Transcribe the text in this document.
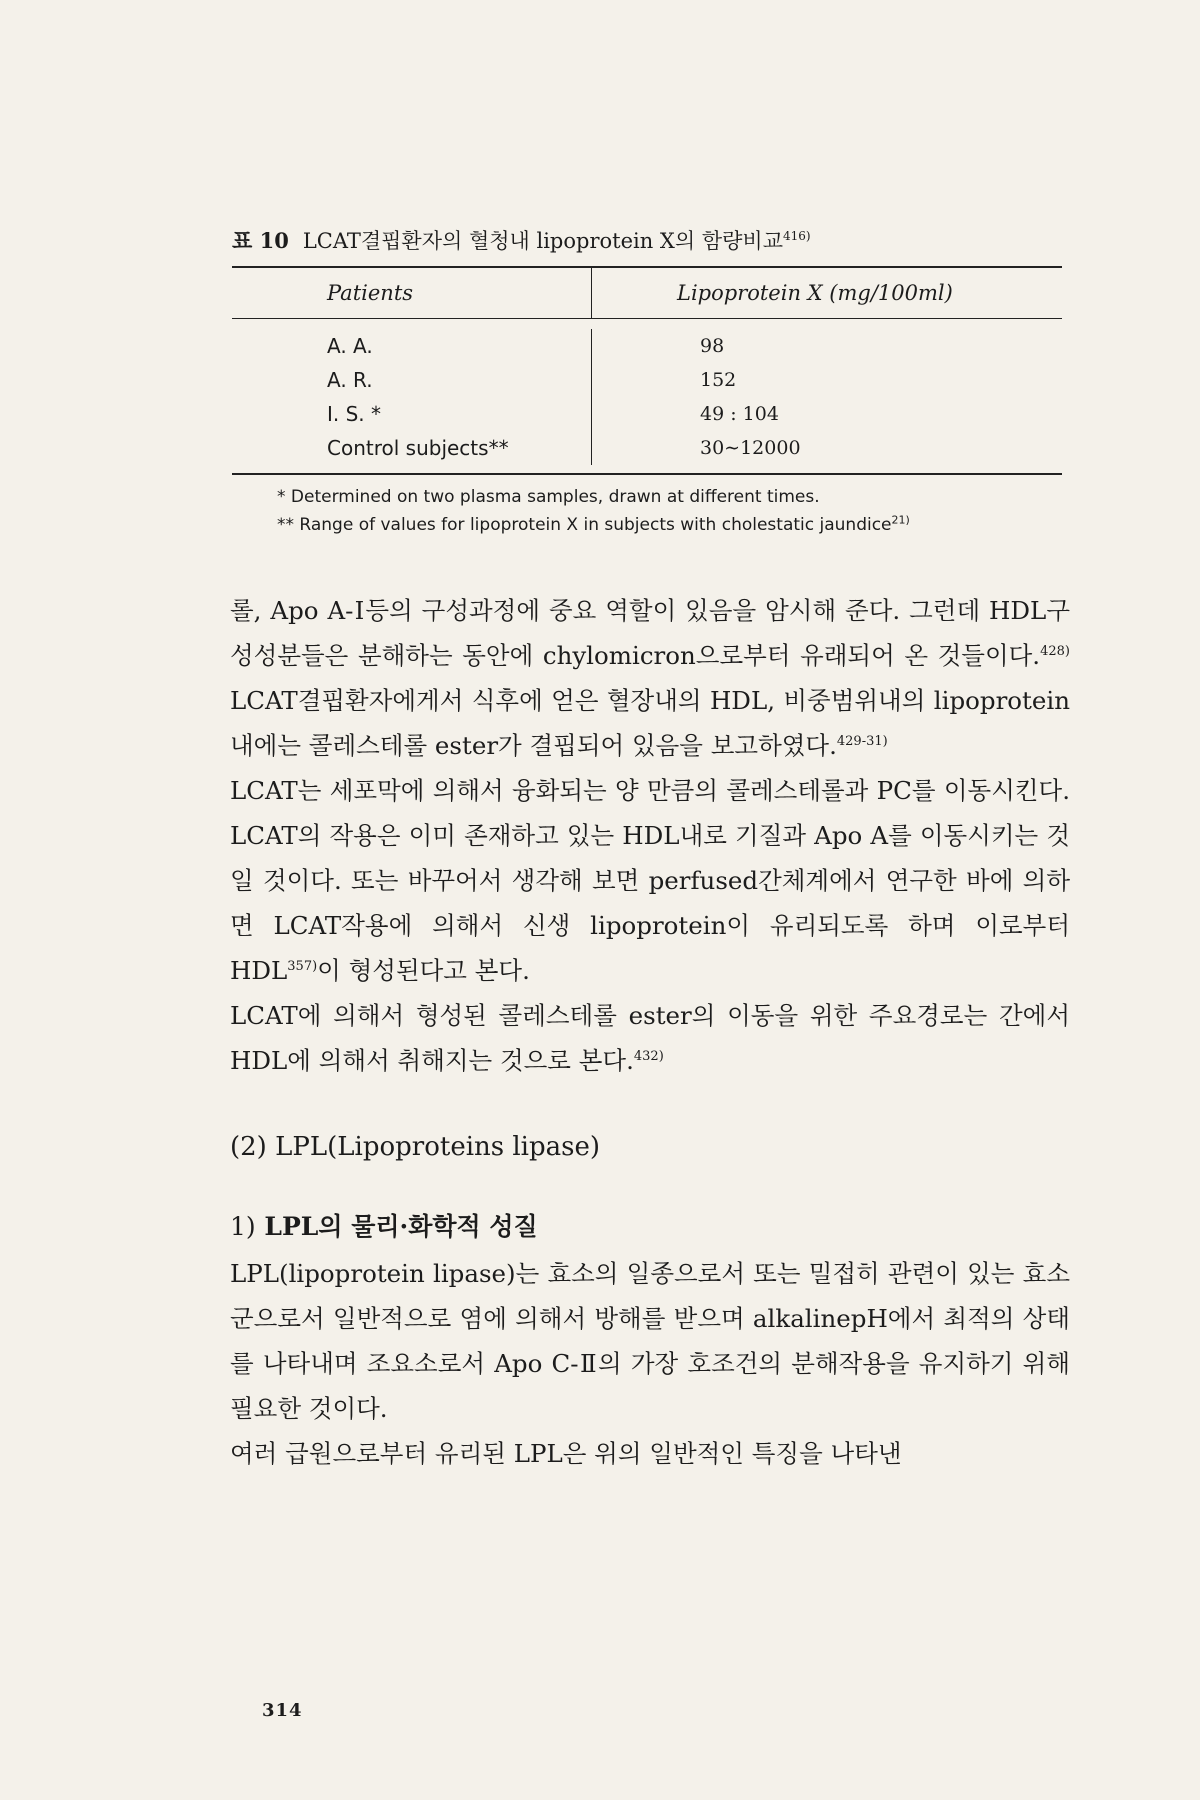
표 10 LCAT결핍환자의 혈청내 lipoprotein X의 함량비교$^{416)}$
Patients	Lipoprotein X (mg/100ml)
A. A.	98
A. R.	152
I. S. *	49 : 104
Control subjects**	30∼12000
* Determined on two plasma samples, drawn at different times.
** Range of values for lipoprotein X in subjects with cholestatic jaundice$^{21)}$

롤, Apo A-Ⅰ등의 구성과정에 중요 역할이 있음을 암시해 준다. 그런데 HDL구성성분들은 분해하는 동안에 chylomicron으로부터 유래되어 온 것들이다.$^{428)}$ LCAT결핍환자에게서 식후에 얻은 혈장내의 HDL, 비중범위내의 lipoprotein내에는 콜레스테롤 ester가 결핍되어 있음을 보고하였다.$^{429-31)}$

LCAT는 세포막에 의해서 융화되는 양 만큼의 콜레스테롤과 PC를 이동시킨다. LCAT의 작용은 이미 존재하고 있는 HDL내로 기질과 Apo A를 이동시키는 것일 것이다. 또는 바꾸어서 생각해 보면 perfused간체계에서 연구한 바에 의하면 LCAT작용에 의해서 신생 lipoprotein이 유리되도록 하며 이로부터 HDL$^{357)}$이 형성된다고 본다.

LCAT에 의해서 형성된 콜레스테롤 ester의 이동을 위한 주요경로는 간에서 HDL에 의해서 취해지는 것으로 본다.$^{432)}$

(2) LPL(Lipoproteins lipase)
1) LPL의 물리·화학적 성질

LPL(lipoprotein lipase)는 효소의 일종으로서 또는 밀접히 관련이 있는 효소군으로서 일반적으로 염에 의해서 방해를 받으며 alkalinepH에서 최적의 상태를 나타내며 조요소로서 Apo C-Ⅱ의 가장 호조건의 분해작용을 유지하기 위해 필요한 것이다.

여러 급원으로부터 유리된 LPL은 위의 일반적인 특징을 나타낸

314
